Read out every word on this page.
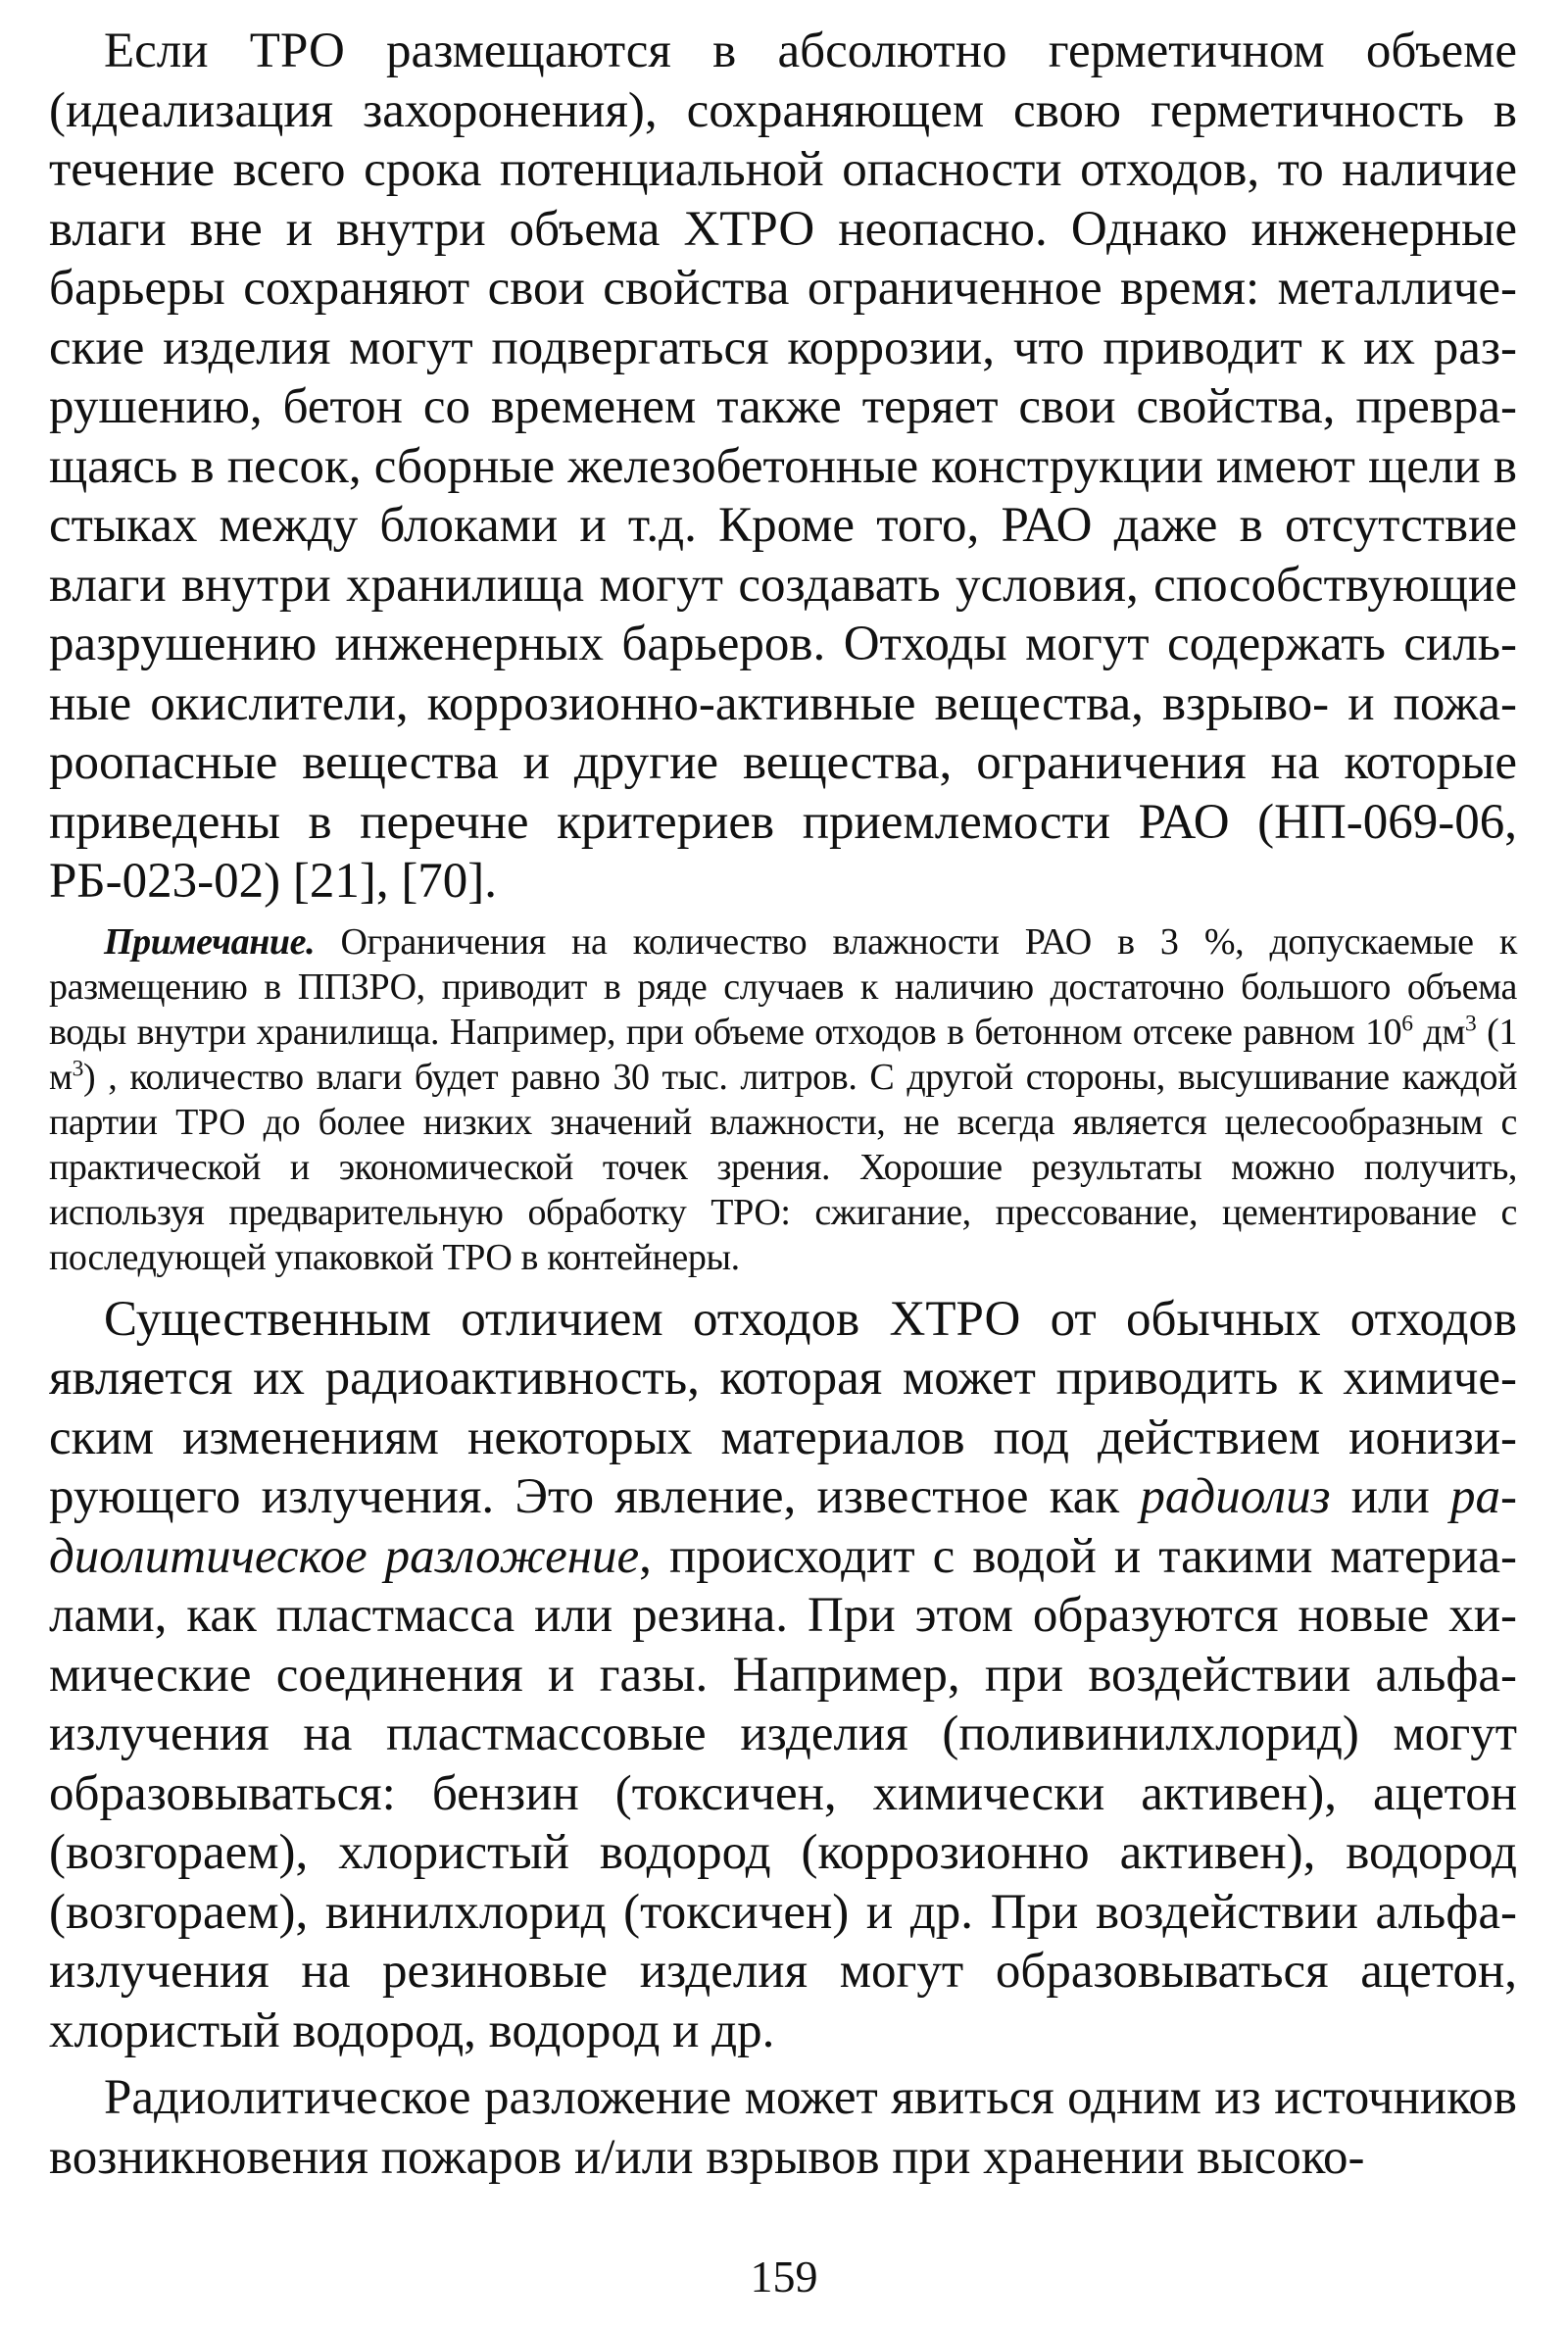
Если ТРО размещаются в абсолютно герметичном объеме (идеализация захоронения), сохраняющем свою герметичность в течение всего срока потенциальной опасности отходов, то наличие влаги вне и внутри объема ХТРО неопасно. Однако инженерные барьеры сохраняют свои свойства ограниченное время: металлические изделия могут подвергаться коррозии, что приводит к их разрушению, бетон со временем также теряет свои свойства, превращаясь в песок, сборные железобетонные конструкции имеют щели в стыках между блоками и т.д. Кроме того, РАО даже в отсутствие влаги внутри хранилища могут создавать условия, способствующие разрушению инженерных барьеров. Отходы могут содержать сильные окислители, коррозионно-активные вещества, взрыво- и пожароопасные вещества и другие вещества, ограничения на которые приведены в перечне критериев приемлемости РАО (НП-069-06, РБ-023-02) [21], [70].

Примечание. Ограничения на количество влажности РАО в 3 %, допускаемые к размещению в ППЗРО, приводит в ряде случаев к наличию достаточно большого объема воды внутри хранилища. Например, при объеме отходов в бетонном отсеке равном $10^6$ $дм^3$ (1 $м^3$) , количество влаги будет равно 30 тыс. литров. С другой стороны, высушивание каждой партии ТРО до более низких значений влажности, не всегда является целесообразным с практической и экономической точек зрения. Хорошие результаты можно получить, используя предварительную обработку ТРО: сжигание, прессование, цементирование с последующей упаковкой ТРО в контейнеры.

Существенным отличием отходов ХТРО от обычных отходов является их радиоактивность, которая может приводить к химическим изменениям некоторых материалов под действием ионизирующего излучения. Это явление, известное как радиолиз или радиолитическое разложение, происходит с водой и такими материалами, как пластмасса или резина. При этом образуются новые химические соединения и газы. Например, при воздействии альфа-излучения на пластмассовые изделия (поливинилхлорид) могут образовываться: бензин (токсичен, химически активен), ацетон (возгораем), хлористый водород (коррозионно активен), водород (возгораем), винилхлорид (токсичен) и др. При воздействии альфа-излучения на резиновые изделия могут образовываться ацетон, хлористый водород, водород и др.

Радиолитическое разложение может явиться одним из источников возникновения пожаров и/или взрывов при хранении высоко-

159
